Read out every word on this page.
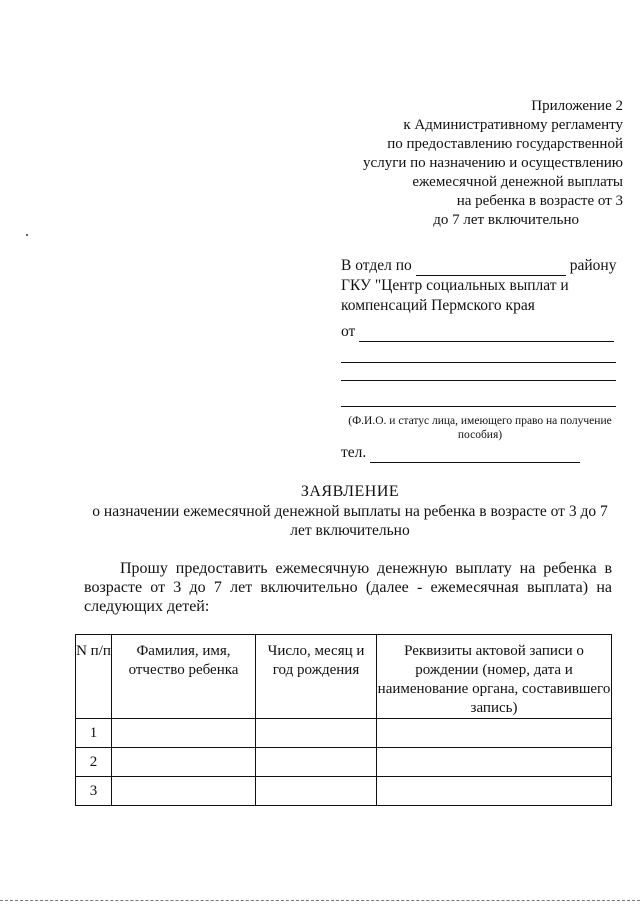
Приложение 2
к Административному регламенту
по предоставлению государственной
услуги по назначению и осуществлению
ежемесячной денежной выплаты
на ребенка в возрасте от 3
до 7 лет включительно
В отдел по	району
ГКУ "Центр социальных выплат и
компенсаций Пермского края
от
(Ф.И.О. и статус лица, имеющего право на получение пособия)
тел.
ЗАЯВЛЕНИЕ
о назначении ежемесячной денежной выплаты на ребенка в возрасте от 3 до 7 лет включительно
Прошу предоставить ежемесячную денежную выплату на ребенка в возрасте от 3 до 7 лет включительно (далее - ежемесячная выплата) на следующих детей:
N п/п	Фамилия, имя, отчество ребенка	Число, месяц и год рождения	Реквизиты актовой записи о рождении (номер, дата и наименование органа, составившего запись)
1			
2			
3			
